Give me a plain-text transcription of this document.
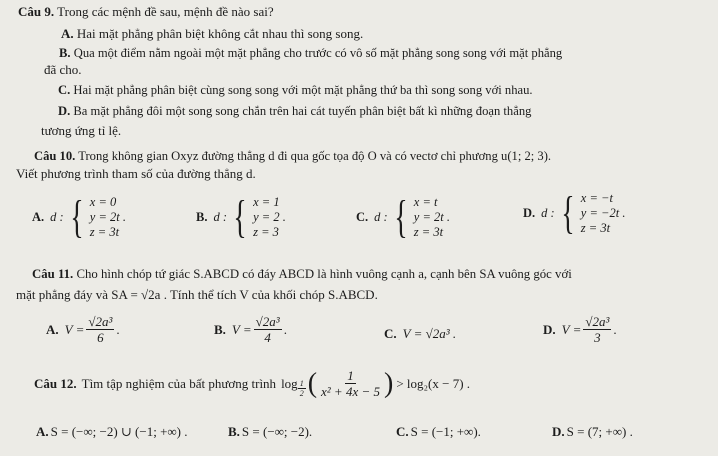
Câu 9. Trong các mệnh đề sau, mệnh đề nào sai?
A. Hai mặt phẳng phân biệt không cắt nhau thì song song.
B. Qua một điểm nằm ngoài một mặt phẳng cho trước có vô số mặt phẳng song song với mặt phẳng
đã cho.
C. Hai mặt phẳng phân biệt cùng song song với một mặt phẳng thứ ba thì song song với nhau.
D. Ba mặt phẳng đôi một song song chắn trên hai cát tuyến phân biệt bất kì những đoạn thẳng
tương ứng tỉ lệ.
Câu 10. Trong không gian Oxyz đường thẳng d đi qua gốc tọa độ O và có vectơ chỉ phương u(1; 2; 3).
Viết phương trình tham số của đường thẳng d.
A. d : { x = 0
y = 2t .
z = 3t
B. d : { x = 1
y = 2 .
z = 3
C. d : { x = t
y = 2t .
z = 3t
D. d : { x = −t
y = −2t .
z = 3t
Câu 11. Cho hình chóp tứ giác S.ABCD có đáy ABCD là hình vuông cạnh a, cạnh bên SA vuông góc với
mặt phẳng đáy và SA = √2a . Tính thể tích V của khối chóp S.ABCD.
A. $V = \frac{\text{√2a³}}{6}$ .	B. $V = \frac{\text{√2a³}}{4}$ .	C. V = √2a³ .	D. $V = \frac{\text{√2a³}}{3}$ .
Câu 12. Tìm tập nghiệm của bất phương trình $\log \frac{1}{2}$ ( $\frac{1}{\text{x² + 4x − 5}}$ ) > log₂(x − 7) .
A. S = (−∞; −2) ∪ (−1; +∞) .	B. S = (−∞; −2).	C. S = (−1; +∞).	D. S = (7; +∞) .
